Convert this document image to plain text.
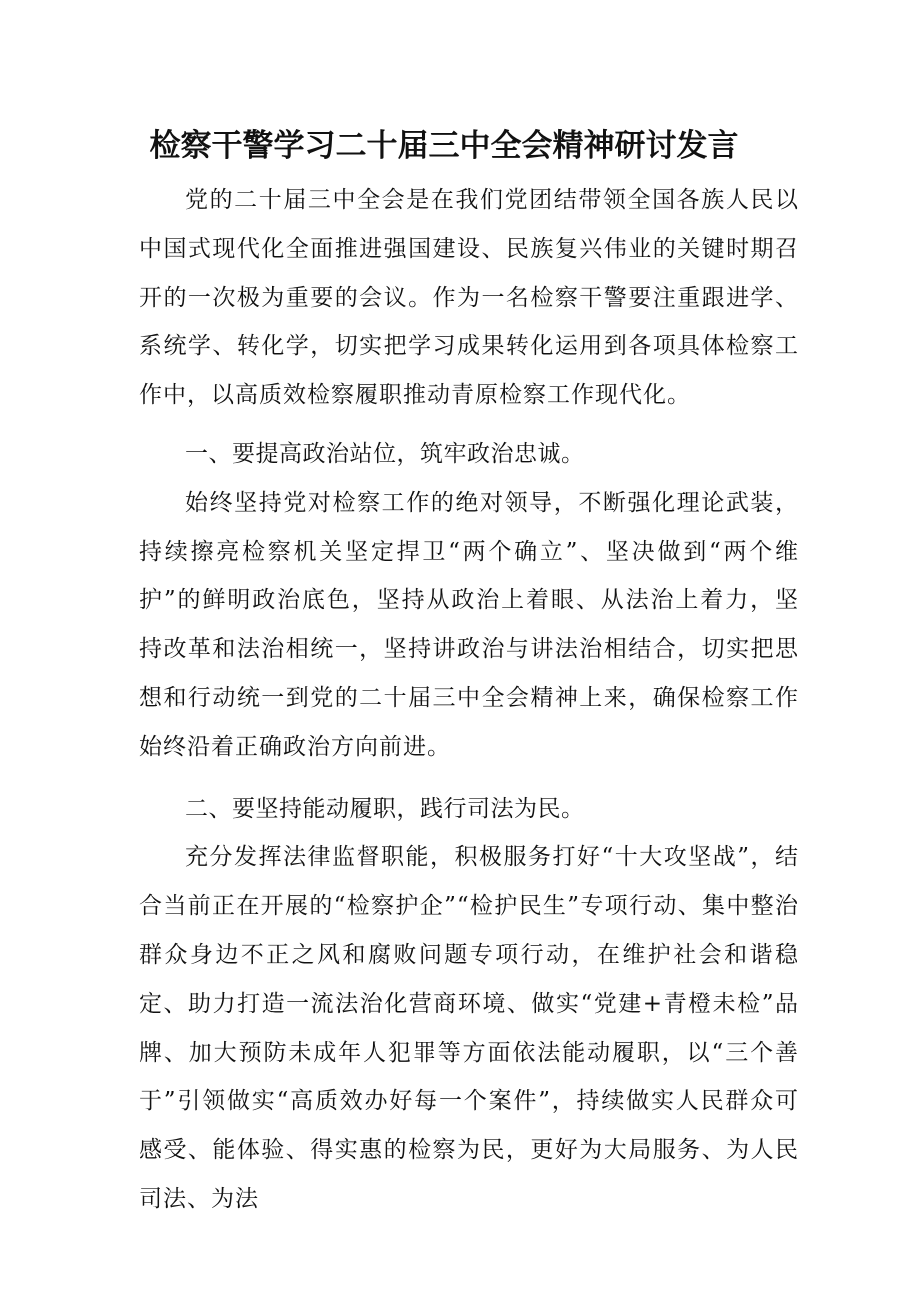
检察干警学习二十届三中全会精神研讨发言

党的二十届三中全会是在我们党团结带领全国各族人民以中国式现代化全面推进强国建设、民族复兴伟业的关键时期召开的一次极为重要的会议。作为一名检察干警要注重跟进学、系统学、转化学，切实把学习成果转化运用到各项具体检察工作中，以高质效检察履职推动青原检察工作现代化。

一、要提高政治站位，筑牢政治忠诚。

始终坚持党对检察工作的绝对领导，不断强化理论武装，持续擦亮检察机关坚定捍卫“两个确立”、坚决做到“两个维护”的鲜明政治底色，坚持从政治上着眼、从法治上着力，坚持改革和法治相统一，坚持讲政治与讲法治相结合，切实把思想和行动统一到党的二十届三中全会精神上来，确保检察工作始终沿着正确政治方向前进。

二、要坚持能动履职，践行司法为民。

充分发挥法律监督职能，积极服务打好“十大攻坚战”，结合当前正在开展的“检察护企”“检护民生”专项行动、集中整治群众身边不正之风和腐败问题专项行动，在维护社会和谐稳定、助力打造一流法治化营商环境、做实“党建+青橙未检”品牌、加大预防未成年人犯罪等方面依法能动履职，以“三个善于”引领做实“高质效办好每一个案件”，持续做实人民群众可感受、能体验、得实惠的检察为民，更好为大局服务、为人民司法、为法
